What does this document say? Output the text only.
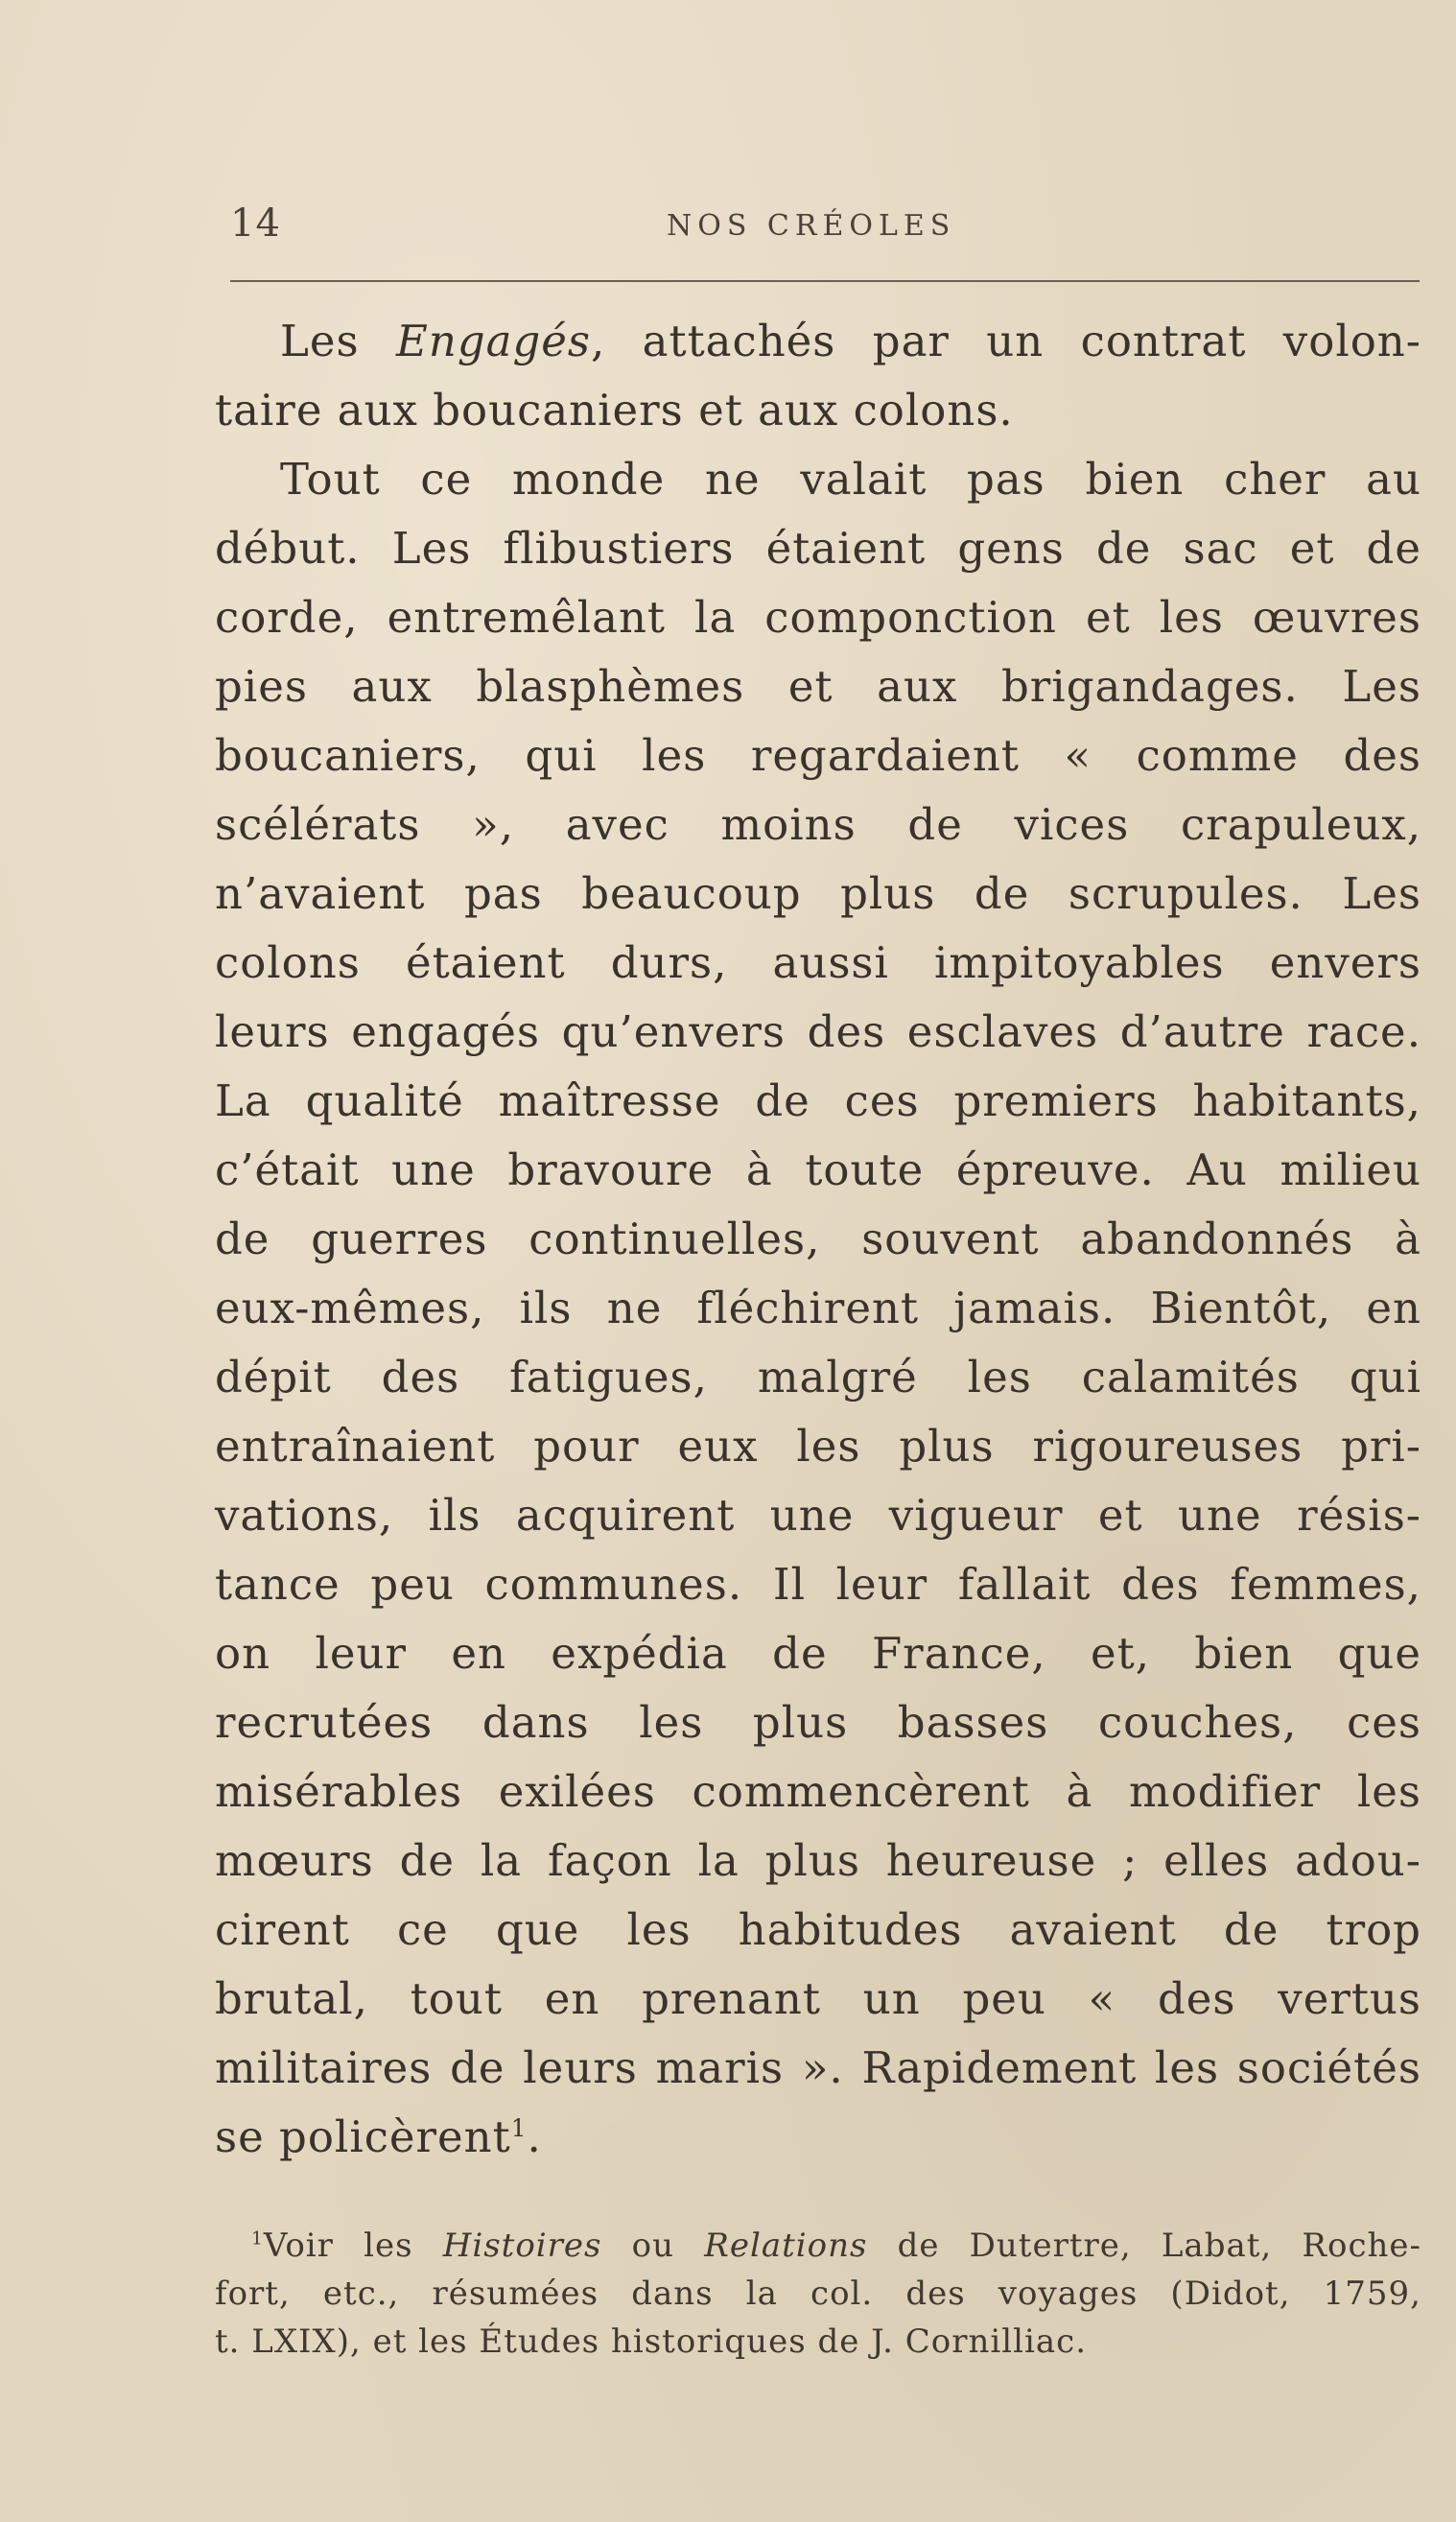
14	NOS CRÉOLES
Les Engagés, attachés par un contrat volon-
taire aux boucaniers et aux colons.
Tout ce monde ne valait pas bien cher au
début. Les flibustiers étaient gens de sac et de
corde, entremêlant la componction et les œuvres
pies aux blasphèmes et aux brigandages. Les
boucaniers, qui les regardaient « comme des
scélérats », avec moins de vices crapuleux,
n’avaient pas beaucoup plus de scrupules. Les
colons étaient durs, aussi impitoyables envers
leurs engagés qu’envers des esclaves d’autre race.
La qualité maîtresse de ces premiers habitants,
c’était une bravoure à toute épreuve. Au milieu
de guerres continuelles, souvent abandonnés à
eux-mêmes, ils ne fléchirent jamais. Bientôt, en
dépit des fatigues, malgré les calamités qui
entraînaient pour eux les plus rigoureuses pri-
vations, ils acquirent une vigueur et une résis-
tance peu communes. Il leur fallait des femmes,
on leur en expédia de France, et, bien que
recrutées dans les plus basses couches, ces
misérables exilées commencèrent à modifier les
mœurs de la façon la plus heureuse ; elles adou-
cirent ce que les habitudes avaient de trop
brutal, tout en prenant un peu « des vertus
militaires de leurs maris ». Rapidement les sociétés
se policèrent$^1$.
$^1$Voir les Histoires ou Relations de Dutertre, Labat, Roche-
fort, etc., résumées dans la col. des voyages (Didot, 1759,
t. LXIX), et les Études historiques de J. Cornilliac.
